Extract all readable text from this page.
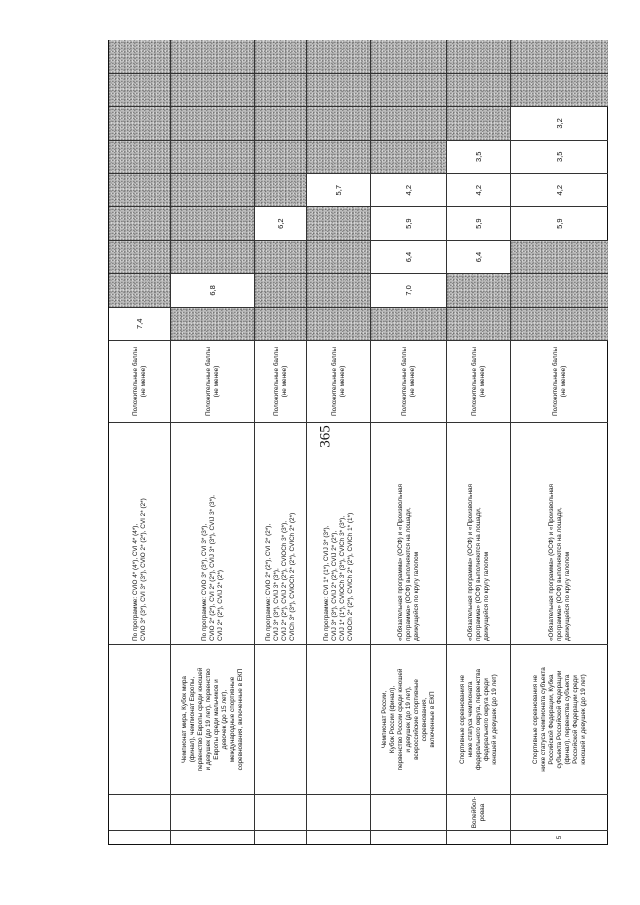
365
По программе: CVIO 4* (4*), CVI 4* (4*),
CVIO 3* (3*), CVI 3* (3*), CVIO 2* (2*), CVI 2* (2*)
Положительные баллы
(не менее)
7,4
Чемпионат мира, Кубок мира
(финал), чемпионат Европы,
первенство Европы среди юношей
и девушек (до 19 лет), первенство
Европы среди мальчиков и
девочек (до 15 лет),
международные спортивные
соревнования, включенные в ЕКП
По программе: CVIO 3* (3*), CVI 3* (3*),
CVIO 2* (2*), CVI 2* (2*), CVIJ 3* (3*), CVIJ 3* (3*),
CVIJ 2* (2*), CVIJ 2* (2*)
Положительные баллы
(не менее)
6,8
По программе: CVIO 2* (2*), CVI 2* (2*),
CVIJ 3* (3*), CVIJ 3* (3*),
CVIJ 2* (2*), CVIJ 2* (2*), CVIOCh 3* (3*),
CVICh 3* (3*), CVIOCh 2* (2*), CVICh 2* (2*)
Положительные баллы
(не менее)
6,2
По программе: CVI 1* (1*), CVIJ 3* (3*),
CVIJ 3* (3*), CVIJ 2* (2*), CVIJ 2* (2*),
CVIJ 1* (1*), CVIOCh 3* (3*), CVICh 3* (3*),
CVIOCh 2* (2*), CVICh 2* (2*), CVICh 1* (1*)
Положительные баллы
(не менее)
5,7
Чемпионат России,
Кубок России (финал),
первенство России среди юношей
и девушек (до 19 лет),
всероссийские спортивные
соревнования,
включенные в ЕКП
«Обязательная программа» (ОСФ) и «Произвольная
программа» (ОСФ) выполняются на лошади,
движущейся по кругу галопом
Положительные баллы
(не менее)
7,0
6,4
5,9
4,2
Волейбол-
роваа
Спортивные соревнования не
ниже статуса чемпионата
федерального округа, первенства
федерального округа среди
юношей и девушек (до 19 лет)
«Обязательная программа» (ОСФ) и «Произвольная
программа» (ОСФ) выполняются на лошади,
движущейся по кругу галопом
Положительные баллы
(не менее)
6,4
5,9
4,2
3,5
5
Спортивные соревнования не
ниже статуса чемпионата субъекта
Российской Федерации, Кубка
субъекта Российской Федерации
(финал), первенства субъекта
Российской Федерации среди
юношей и девушек (до 19 лет)
«Обязательная программа» (ОСФ) и «Произвольная
программа» (ОСФ) выполняются на лошади,
движущейся по кругу галопом
Положительные баллы
(не менее)
5,9
4,2
3,5
3,2
